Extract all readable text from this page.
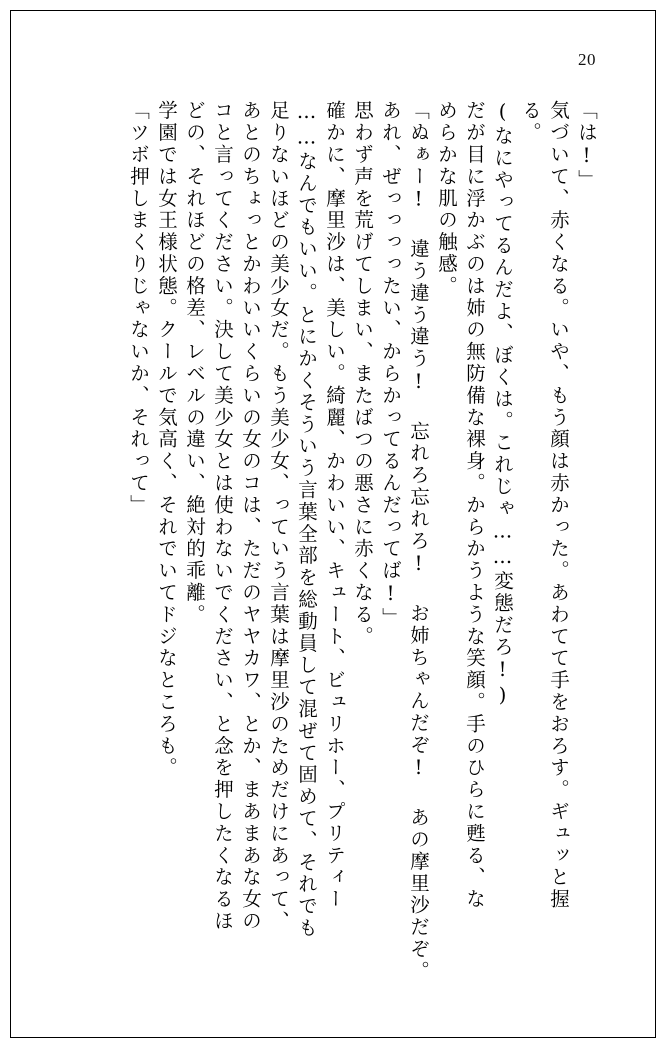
20
「は!」
気づいて、赤くなる。いや、もう顔は赤かった。あわてて手をおろす。ギュッと握
る。
(なにやってるんだよ、ぼくは。これじゃ……変態だろ!)
だが目に浮かぶのは姉の無防備な裸身。からかうような笑顔。手のひらに甦る、な
めらかな肌の触感。
「ぬぁー! 違う違う違う! 忘れろ忘れろ! お姉ちゃんだぞ! あの摩里沙だぞ。
あれ、ぜっっっったい、からかってるんだってば!」
思わず声を荒げてしまい、またばつの悪さに赤くなる。
確かに、摩里沙は、美しい。綺麗、かわいい、キュート、ビュリホー、プリティー
……なんでもいい。とにかくそういう言葉全部を総動員して混ぜて固めて、それでも
足りないほどの美少女だ。もう美少女、っていう言葉は摩里沙のためだけにあって、
あとのちょっとかわいいくらいの女のコは、ただのヤヤカワ、とか、まあまあな女の
コと言ってください。決して美少女とは使わないでください、と念を押したくなるほ
どの、それほどの格差、レベルの違い、絶対的乖離。
学園では女王様状態。クールで気高く、それでいてドジなところも。
「ツボ押しまくりじゃないか、それって」
